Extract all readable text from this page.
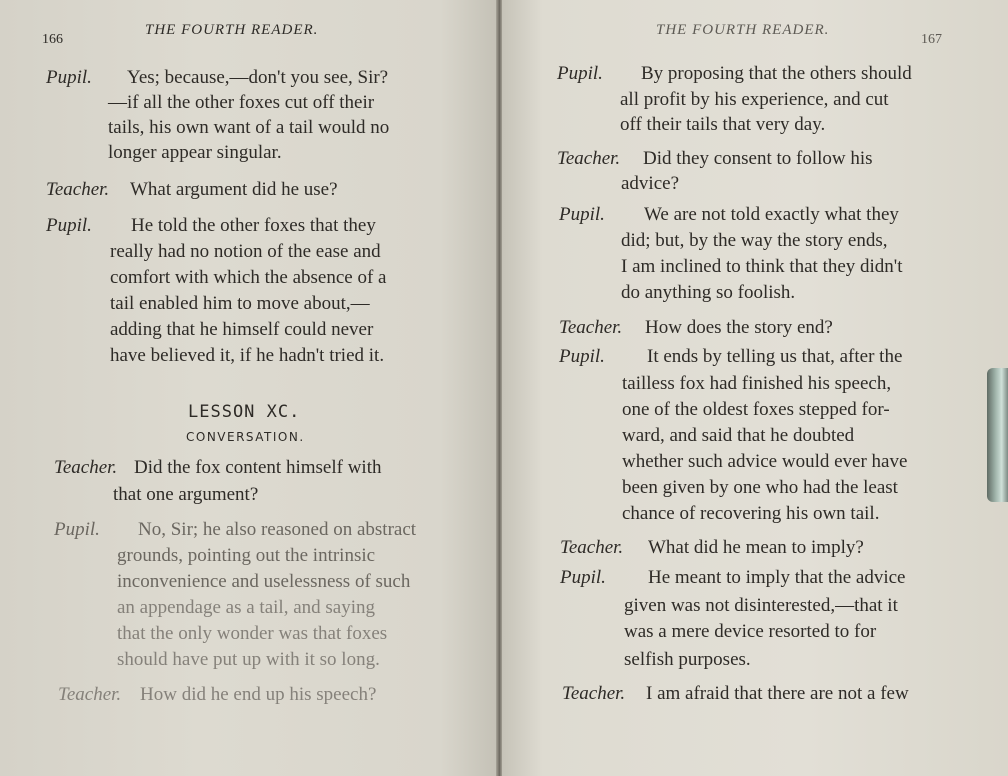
166
THE FOURTH READER.
Pupil. Yes; because,—don't you see, Sir?
—if all the other foxes cut off their
tails, his own want of a tail would no
longer appear singular.
Teacher. What argument did he use?
Pupil. He told the other foxes that they
really had no notion of the ease and
comfort with which the absence of a
tail enabled him to move about,—
adding that he himself could never
have believed it, if he hadn't tried it.
LESSON XC.
CONVERSATION.
Teacher. Did the fox content himself with
that one argument?
Pupil. No, Sir; he also reasoned on abstract
grounds, pointing out the intrinsic
inconvenience and uselessness of such
an appendage as a tail, and saying
that the only wonder was that foxes
should have put up with it so long.
Teacher. How did he end up his speech?
THE FOURTH READER.
167
Pupil. By proposing that the others should
all profit by his experience, and cut
off their tails that very day.
Teacher. Did they consent to follow his
advice?
Pupil. We are not told exactly what they
did; but, by the way the story ends,
I am inclined to think that they didn't
do anything so foolish.
Teacher. How does the story end?
Pupil. It ends by telling us that, after the
tailless fox had finished his speech,
one of the oldest foxes stepped for-
ward, and said that he doubted
whether such advice would ever have
been given by one who had the least
chance of recovering his own tail.
Teacher. What did he mean to imply?
Pupil. He meant to imply that the advice
given was not disinterested,—that it
was a mere device resorted to for
selfish purposes.
Teacher. I am afraid that there are not a few
